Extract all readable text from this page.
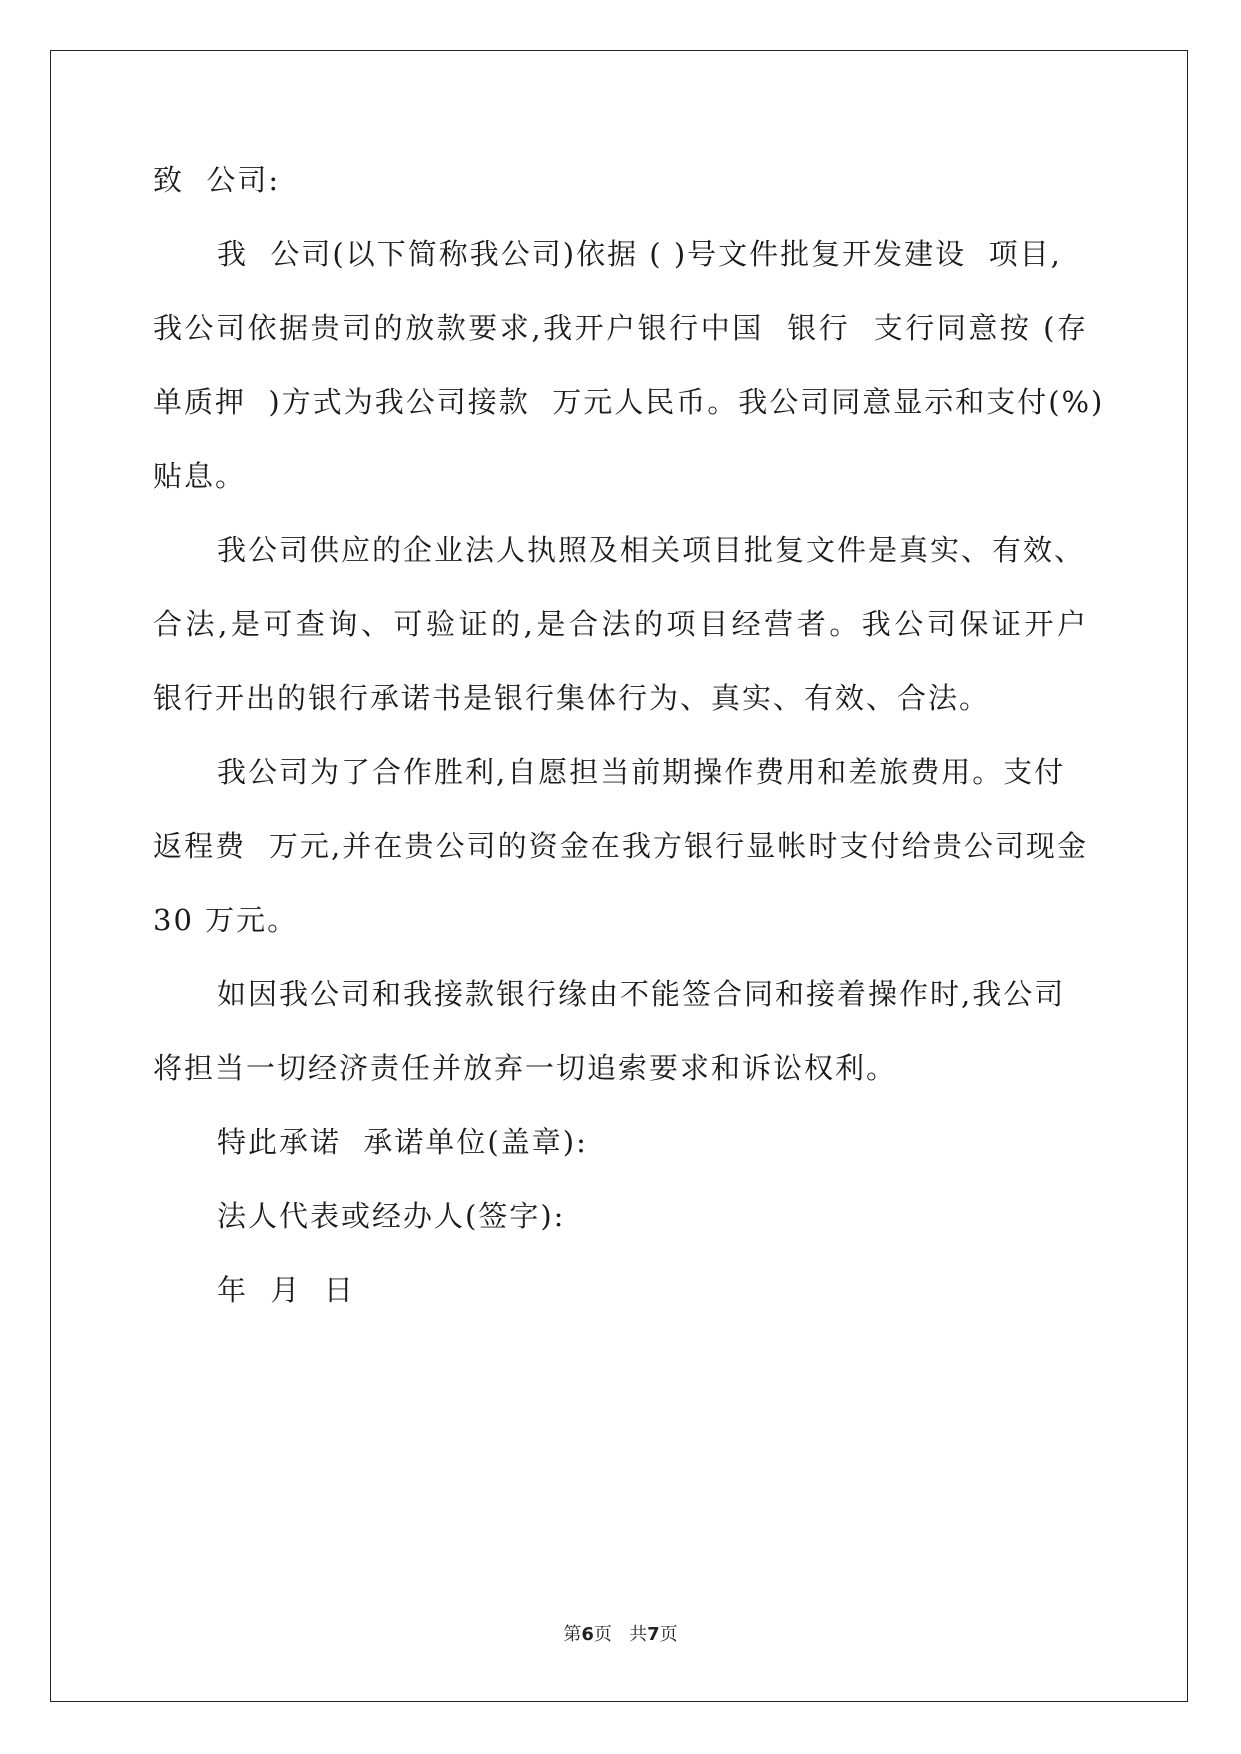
致  公司:
我  公司(以下简称我公司)依据 ( )号文件批复开发建设  项目,
我公司依据贵司的放款要求,我开户银行中国  银行  支行同意按 (存
单质押  )方式为我公司接款  万元人民币。我公司同意显示和支付(%)
贴息。
我公司供应的企业法人执照及相关项目批复文件是真实、有效、
合法,是可查询、可验证的,是合法的项目经营者。我公司保证开户
银行开出的银行承诺书是银行集体行为、真实、有效、合法。
我公司为了合作胜利,自愿担当前期操作费用和差旅费用。支付
返程费  万元,并在贵公司的资金在我方银行显帐时支付给贵公司现金
30 万元。
如因我公司和我接款银行缘由不能签合同和接着操作时,我公司
将担当一切经济责任并放弃一切追索要求和诉讼权利。
特此承诺  承诺单位(盖章):
法人代表或经办人(签字):
年  月  日
第6页 共7页
